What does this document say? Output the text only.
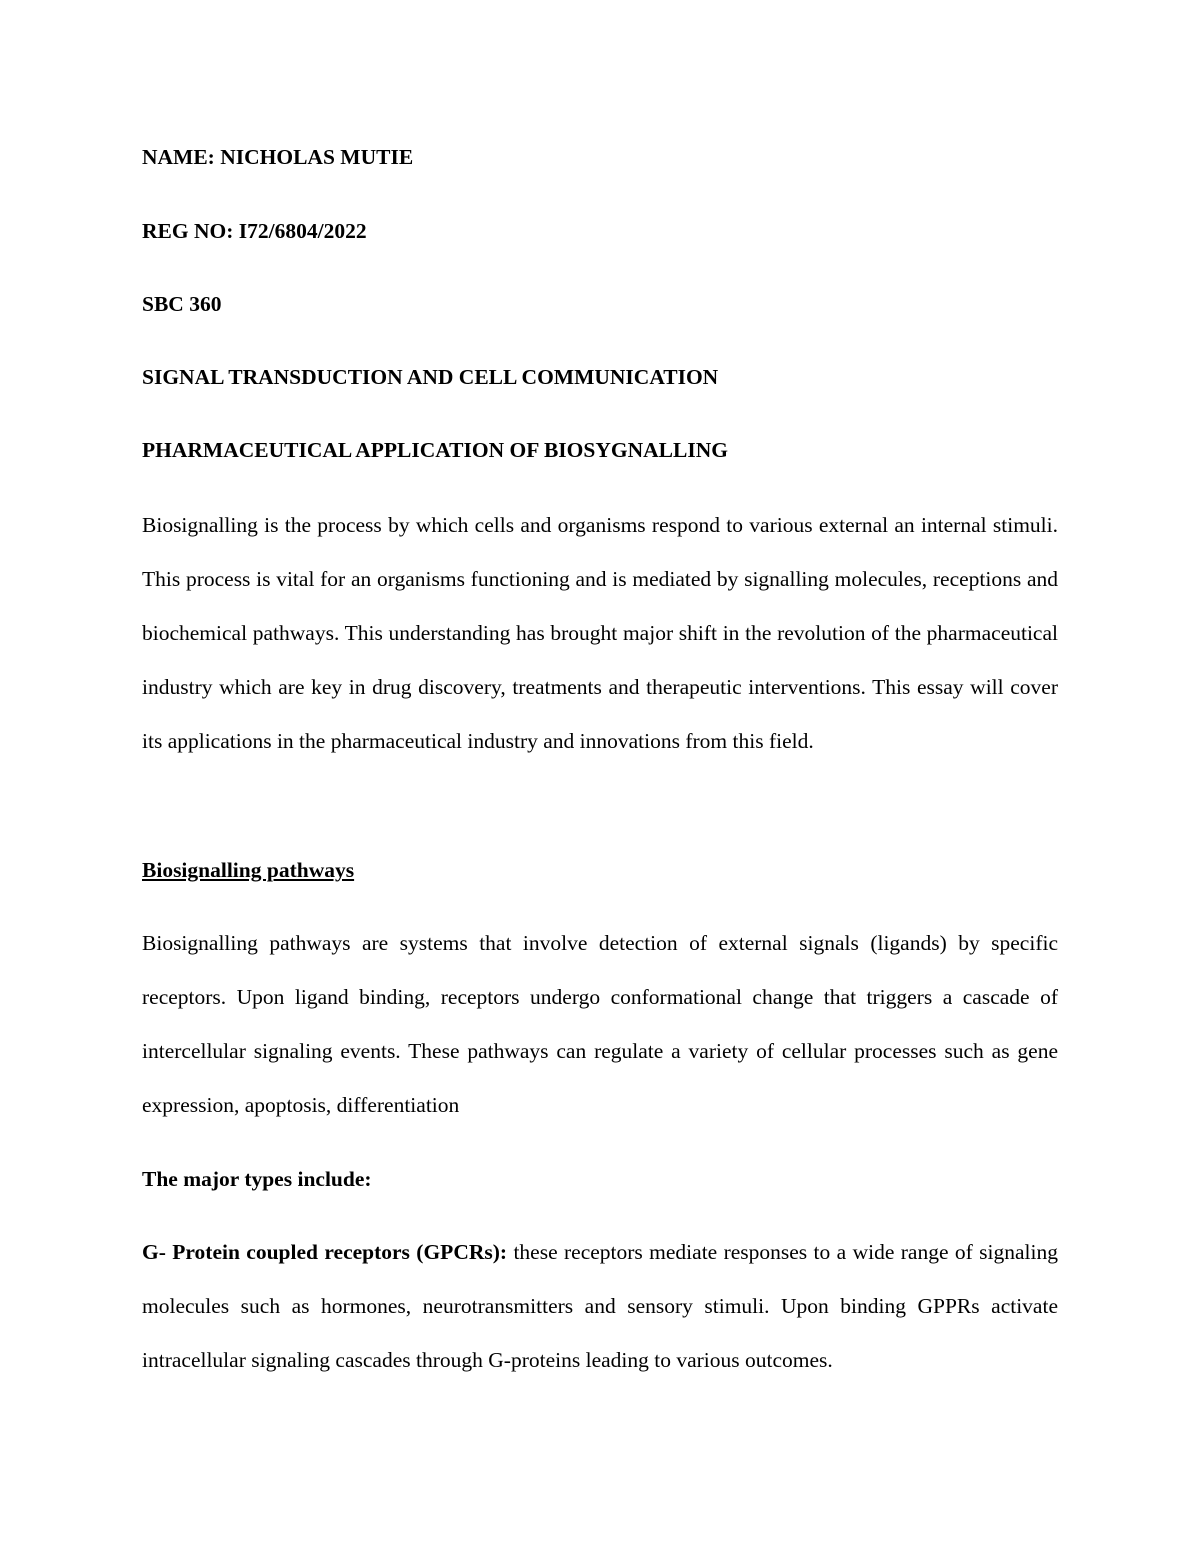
NAME: NICHOLAS MUTIE

REG NO: I72/6804/2022

SBC 360

SIGNAL TRANSDUCTION AND CELL COMMUNICATION

PHARMACEUTICAL APPLICATION OF BIOSYGNALLING

Biosignalling is the process by which cells and organisms respond to various external an internal stimuli. This process is vital for an organisms functioning and is mediated by signalling molecules, receptions and biochemical pathways. This understanding has brought major shift in the revolution of the pharmaceutical industry which are key in drug discovery, treatments and therapeutic interventions. This essay will cover its applications in the pharmaceutical industry and innovations from this field.

Biosignalling pathways

Biosignalling pathways are systems that involve detection of external signals (ligands) by specific receptors. Upon ligand binding, receptors undergo conformational change that triggers a cascade of intercellular signaling events. These pathways can regulate a variety of cellular processes such as gene expression, apoptosis, differentiation

The major types include:

G- Protein coupled receptors (GPCRs): these receptors mediate responses to a wide range of signaling molecules such as hormones, neurotransmitters and sensory stimuli. Upon binding GPPRs activate intracellular signaling cascades through G-proteins leading to various outcomes.
